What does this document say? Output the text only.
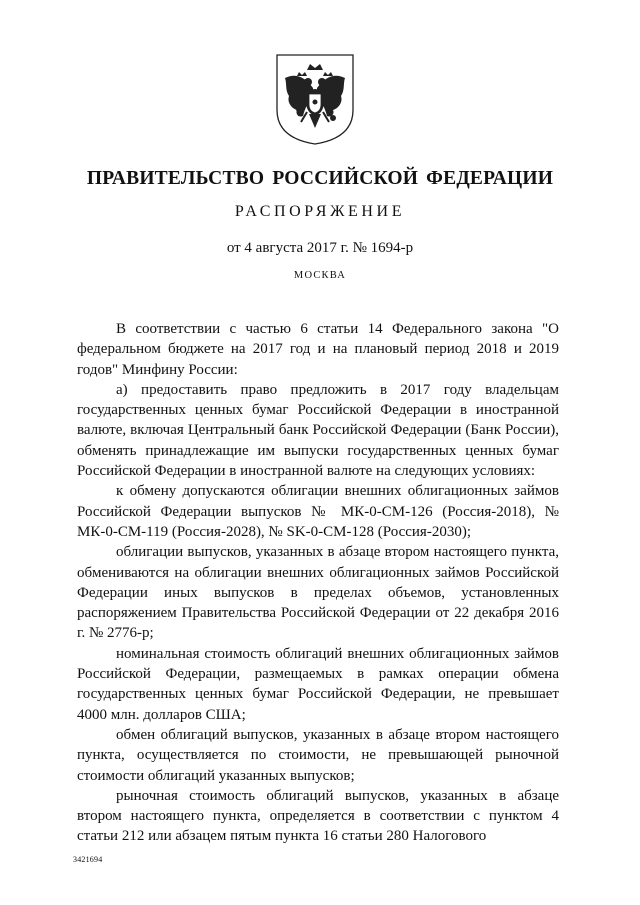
ПРАВИТЕЛЬСТВО РОССИЙСКОЙ ФЕДЕРАЦИИ
РАСПОРЯЖЕНИЕ
от 4 августа 2017 г. № 1694-р
МОСКВА

В соответствии с частью 6 статьи 14 Федерального закона "О федеральном бюджете на 2017 год и на плановый период 2018 и 2019 годов" Минфину России:

а) предоставить право предложить в 2017 году владельцам государственных ценных бумаг Российской Федерации в иностранной валюте, включая Центральный банк Российской Федерации (Банк России), обменять принадлежащие им выпуски государственных ценных бумаг Российской Федерации в иностранной валюте на следующих условиях:

к обмену допускаются облигации внешних облигационных займов Российской Федерации выпусков № МК-0-СМ-126 (Россия-2018), № МК-0-СМ-119 (Россия-2028), № SK-0-CM-128 (Россия-2030);

облигации выпусков, указанных в абзаце втором настоящего пункта, обмениваются на облигации внешних облигационных займов Российской Федерации иных выпусков в пределах объемов, установленных распоряжением Правительства Российской Федерации от 22 декабря 2016 г. № 2776-р;

номинальная стоимость облигаций внешних облигационных займов Российской Федерации, размещаемых в рамках операции обмена государственных ценных бумаг Российской Федерации, не превышает 4000 млн. долларов США;

обмен облигаций выпусков, указанных в абзаце втором настоящего пункта, осуществляется по стоимости, не превышающей рыночной стоимости облигаций указанных выпусков;

рыночная стоимость облигаций выпусков, указанных в абзаце втором настоящего пункта, определяется в соответствии с пунктом 4 статьи 212 или абзацем пятым пункта 16 статьи 280 Налогового

3421694
